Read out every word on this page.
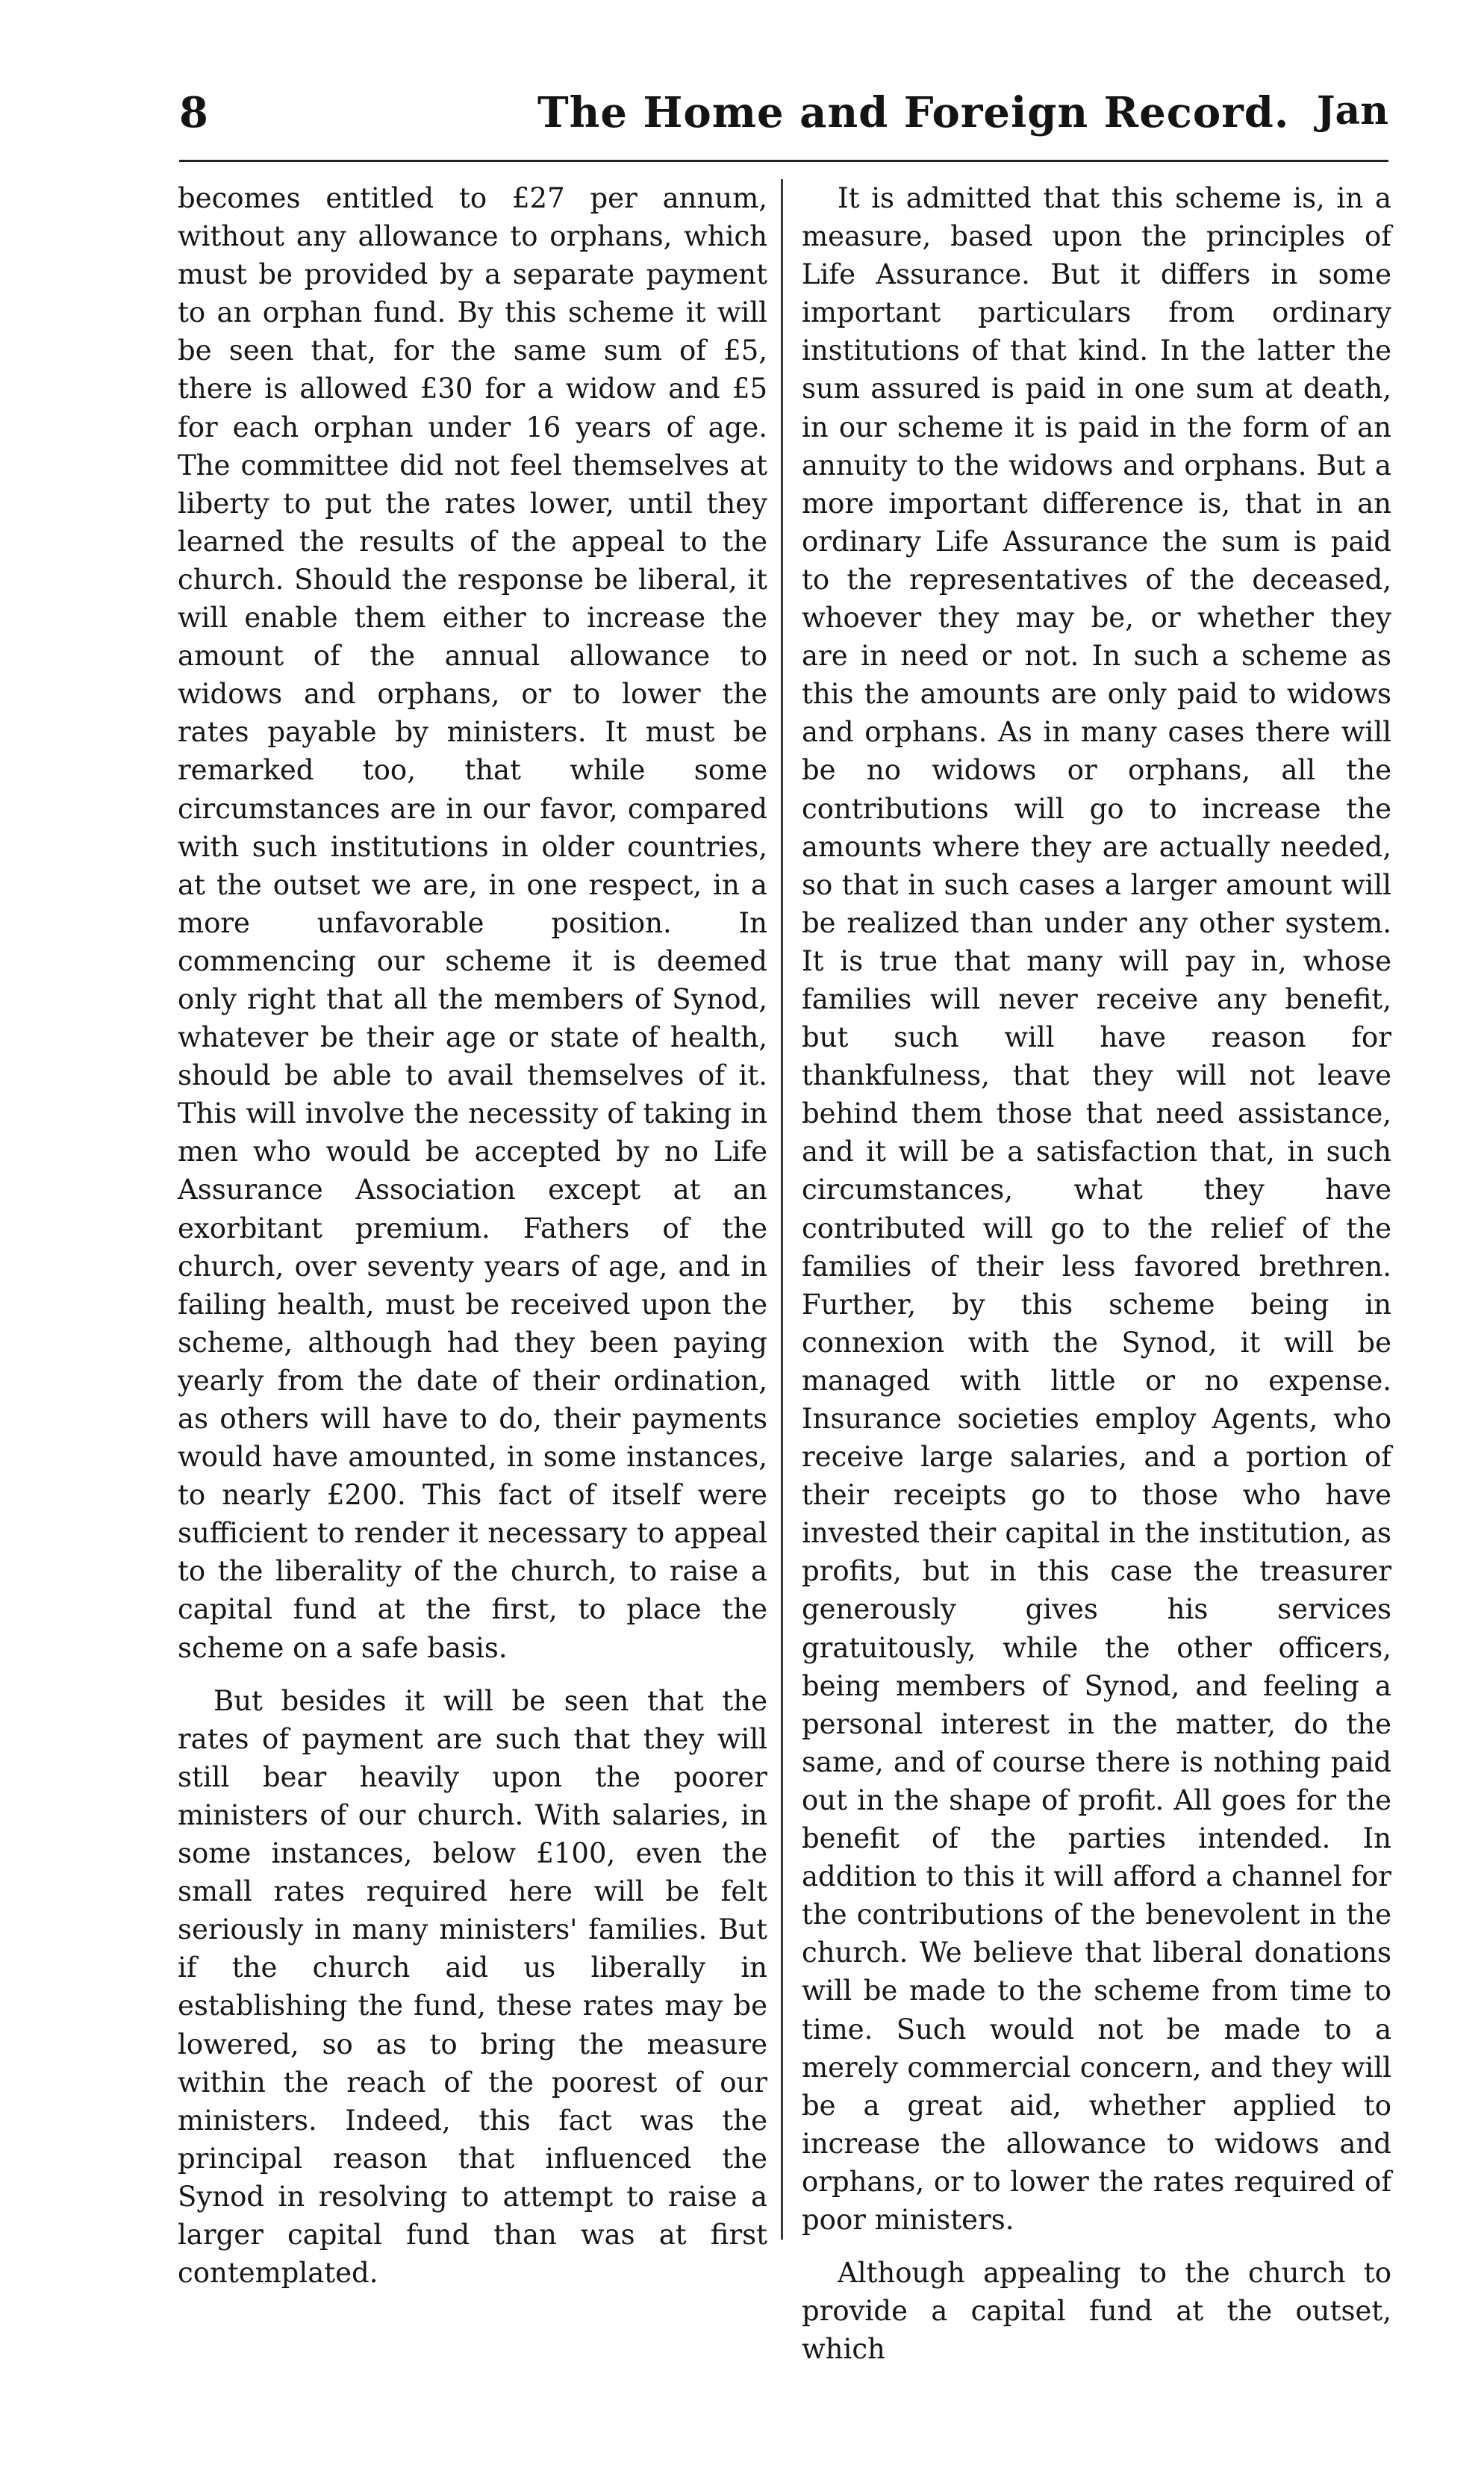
8	The Home and Foreign Record. Jan

becomes entitled to £27 per annum, without any allowance to orphans, which must be provided by a separate payment to an orphan fund. By this scheme it will be seen that, for the same sum of £5, there is allowed £30 for a widow and £5 for each orphan under 16 years of age. The committee did not feel themselves at liberty to put the rates lower, until they learned the results of the appeal to the church. Should the response be liberal, it will enable them either to increase the amount of the annual allowance to widows and orphans, or to lower the rates payable by ministers. It must be remarked too, that while some circumstances are in our favor, compared with such institutions in older countries, at the outset we are, in one respect, in a more unfavorable position. In commencing our scheme it is deemed only right that all the members of Synod, whatever be their age or state of health, should be able to avail themselves of it. This will involve the necessity of taking in men who would be accepted by no Life Assurance Association except at an exorbitant premium. Fathers of the church, over seventy years of age, and in failing health, must be received upon the scheme, although had they been paying yearly from the date of their ordination, as others will have to do, their payments would have amounted, in some instances, to nearly £200. This fact of itself were sufficient to render it necessary to appeal to the liberality of the church, to raise a capital fund at the first, to place the scheme on a safe basis.

But besides it will be seen that the rates of payment are such that they will still bear heavily upon the poorer ministers of our church. With salaries, in some instances, below £100, even the small rates required here will be felt seriously in many ministers' families. But if the church aid us liberally in establishing the fund, these rates may be lowered, so as to bring the measure within the reach of the poorest of our ministers. Indeed, this fact was the principal reason that influenced the Synod in resolving to attempt to raise a larger capital fund than was at first contemplated.

It is admitted that this scheme is, in a measure, based upon the principles of Life Assurance. But it differs in some important particulars from ordinary institutions of that kind. In the latter the sum assured is paid in one sum at death, in our scheme it is paid in the form of an annuity to the widows and orphans. But a more important difference is, that in an ordinary Life Assurance the sum is paid to the representatives of the deceased, whoever they may be, or whether they are in need or not. In such a scheme as this the amounts are only paid to widows and orphans. As in many cases there will be no widows or orphans, all the contributions will go to increase the amounts where they are actually needed, so that in such cases a larger amount will be realized than under any other system. It is true that many will pay in, whose families will never receive any benefit, but such will have reason for thankfulness, that they will not leave behind them those that need assistance, and it will be a satisfaction that, in such circumstances, what they have contributed will go to the relief of the families of their less favored brethren. Further, by this scheme being in connexion with the Synod, it will be managed with little or no expense. Insurance societies employ Agents, who receive large salaries, and a portion of their receipts go to those who have invested their capital in the institution, as profits, but in this case the treasurer generously gives his services gratuitously, while the other officers, being members of Synod, and feeling a personal interest in the matter, do the same, and of course there is nothing paid out in the shape of profit. All goes for the benefit of the parties intended. In addition to this it will afford a channel for the contributions of the benevolent in the church. We believe that liberal donations will be made to the scheme from time to time. Such would not be made to a merely commercial concern, and they will be a great aid, whether applied to increase the allowance to widows and orphans, or to lower the rates required of poor ministers.

Although appealing to the church to provide a capital fund at the outset, which
